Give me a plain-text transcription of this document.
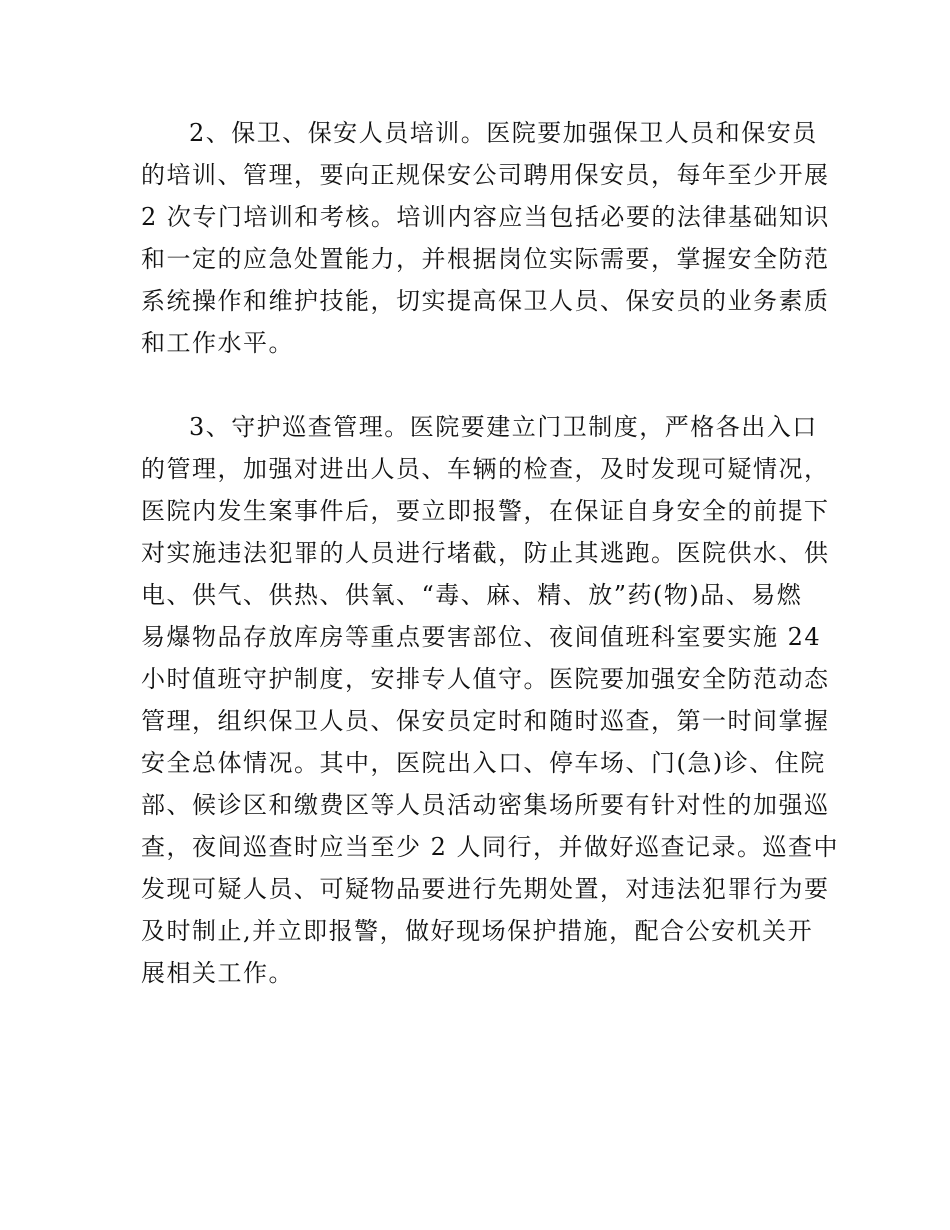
2、保卫、保安人员培训。医院要加强保卫人员和保安员
的培训、管理，要向正规保安公司聘用保安员，每年至少开展
2 次专门培训和考核。培训内容应当包括必要的法律基础知识
和一定的应急处置能力，并根据岗位实际需要，掌握安全防范
系统操作和维护技能，切实提高保卫人员、保安员的业务素质
和工作水平。
3、守护巡查管理。医院要建立门卫制度，严格各出入口
的管理，加强对进出人员、车辆的检查，及时发现可疑情况，
医院内发生案事件后，要立即报警，在保证自身安全的前提下
对实施违法犯罪的人员进行堵截，防止其逃跑。医院供水、供
电、供气、供热、供氧、“毒、麻、精、放”药(物)品、易燃
易爆物品存放库房等重点要害部位、夜间值班科室要实施 24
小时值班守护制度，安排专人值守。医院要加强安全防范动态
管理，组织保卫人员、保安员定时和随时巡查，第一时间掌握
安全总体情况。其中，医院出入口、停车场、门(急)诊、住院
部、候诊区和缴费区等人员活动密集场所要有针对性的加强巡
查，夜间巡查时应当至少 2 人同行，并做好巡查记录。巡查中
发现可疑人员、可疑物品要进行先期处置，对违法犯罪行为要
及时制止,并立即报警，做好现场保护措施，配合公安机关开
展相关工作。
